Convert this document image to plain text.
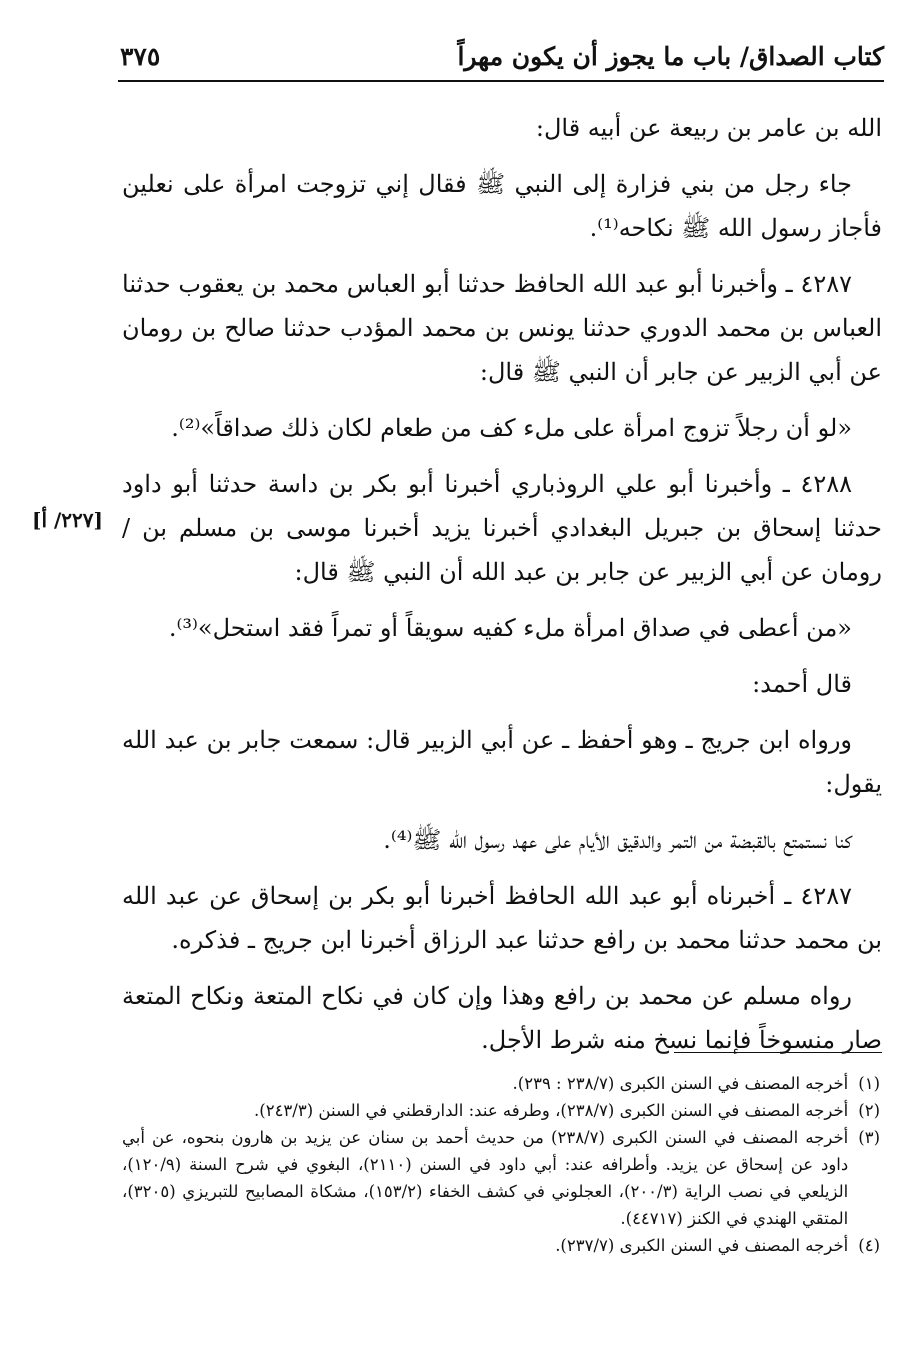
كتاب الصداق/ باب ما يجوز أن يكون مهراً
٣٧٥
[٢٢٧/ أ]

الله بن عامر بن ربيعة عن أبيه قال:

جاء رجل من بني فزارة إلى النبي ﷺ فقال إني تزوجت امرأة على نعلين فأجاز رسول الله ﷺ نكاحه⁽¹⁾.

٤٢٨٧ ـ وأخبرنا أبو عبد الله الحافظ حدثنا أبو العباس محمد بن يعقوب حدثنا العباس بن محمد الدوري حدثنا يونس بن محمد المؤدب حدثنا صالح بن رومان عن أبي الزبير عن جابر أن النبي ﷺ قال:

«لو أن رجلاً تزوج امرأة على ملء كف من طعام لكان ذلك صداقاً»⁽²⁾.

٤٢٨٨ ـ وأخبرنا أبو علي الروذباري أخبرنا أبو بكر بن داسة حدثنا أبو داود حدثنا إسحاق بن جبريل البغدادي أخبرنا يزيد أخبرنا موسى بن مسلم بن /رومان عن أبي الزبير عن جابر بن عبد الله أن النبي ﷺ قال:

«من أعطى في صداق امرأة ملء كفيه سويقاً أو تمراً فقد استحل»⁽³⁾.

قال أحمد:

ورواه ابن جريج ـ وهو أحفظ ـ عن أبي الزبير قال: سمعت جابر بن عبد الله يقول:

كنا نستمتع بالقبضة من التمر والدقيق الأيام على عهد رسول الله ﷺ⁽⁴⁾.

٤٢٨٧ ـ أخبرناه أبو عبد الله الحافظ أخبرنا أبو بكر بن إسحاق عن عبد الله بن محمد حدثنا محمد بن رافع حدثنا عبد الرزاق أخبرنا ابن جريج ـ فذكره.

رواه مسلم عن محمد بن رافع وهذا وإن كان في نكاح المتعة ونكاح المتعة صار منسوخاً فإنما نسخ منه شرط الأجل.

(١)
أخرجه المصنف في السنن الكبرى (٢٣٨/٧ : ٢٣٩).
(٢)
أخرجه المصنف في السنن الكبرى (٢٣٨/٧)، وطرفه عند: الدارقطني في السنن (٢٤٣/٣).
(٣)
أخرجه المصنف في السنن الكبرى (٢٣٨/٧) من حديث أحمد بن سنان عن يزيد بن هارون بنحوه، عن أبي داود عن إسحاق عن يزيد. وأطرافه عند: أبي داود في السنن (٢١١٠)، البغوي في شرح السنة (١٢٠/٩)، الزيلعي في نصب الراية (٢٠٠/٣)، العجلوني في كشف الخفاء (١٥٣/٢)، مشكاة المصابيح للتبريزي (٣٢٠٥)، المتقي الهندي في الكنز (٤٤٧١٧).
(٤)
أخرجه المصنف في السنن الكبرى (٢٣٧/٧).
